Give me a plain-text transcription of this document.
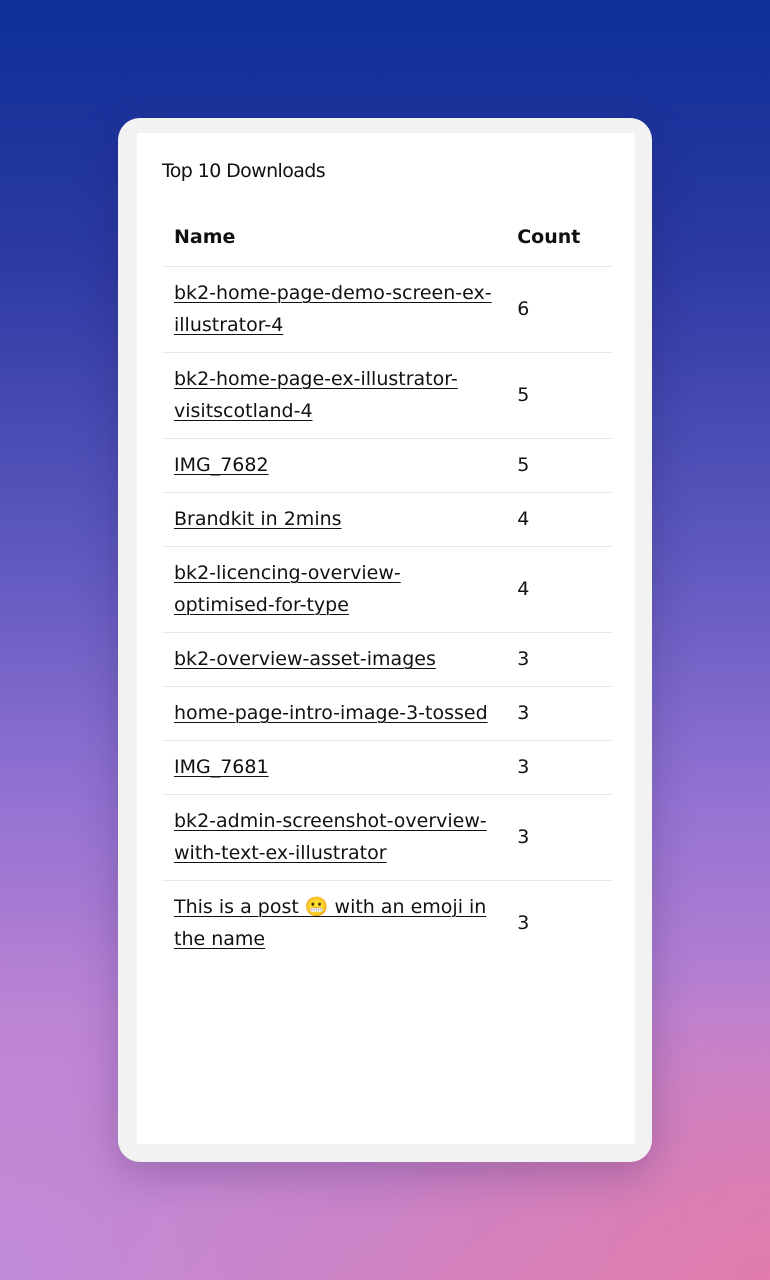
Top 10 Downloads
Name	Count
bk2-home-page-demo-screen-ex-illustrator-4	6
bk2-home-page-ex-illustrator-visitscotland-4	5
IMG_7682	5
Brandkit in 2mins	4
bk2-licencing-overview-optimised-for-type	4
bk2-overview-asset-images	3
home-page-intro-image-3-tossed	3
IMG_7681	3
bk2-admin-screenshot-overview-with-text-ex-illustrator	3
This is a post 😬 with an emoji in the name	3
